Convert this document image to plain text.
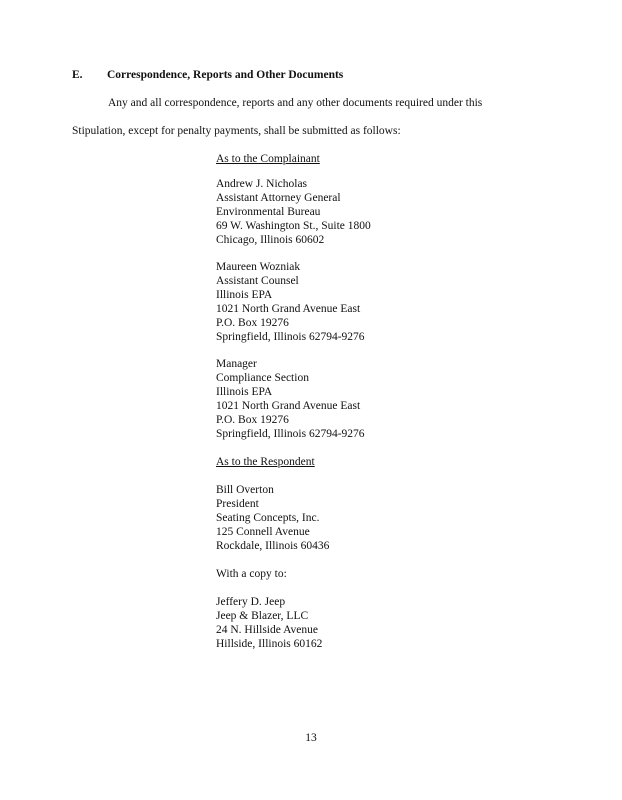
E. Correspondence, Reports and Other Documents
Any and all correspondence, reports and any other documents required under this
Stipulation, except for penalty payments, shall be submitted as follows:
As to the Complainant
Andrew J. Nicholas
Assistant Attorney General
Environmental Bureau
69 W. Washington St., Suite 1800
Chicago, Illinois 60602
Maureen Wozniak
Assistant Counsel
Illinois EPA
1021 North Grand Avenue East
P.O. Box 19276
Springfield, Illinois 62794-9276
Manager
Compliance Section
Illinois EPA
1021 North Grand Avenue East
P.O. Box 19276
Springfield, Illinois 62794-9276
As to the Respondent
Bill Overton
President
Seating Concepts, Inc.
125 Connell Avenue
Rockdale, Illinois 60436
With a copy to:
Jeffery D. Jeep
Jeep & Blazer, LLC
24 N. Hillside Avenue
Hillside, Illinois 60162
13
